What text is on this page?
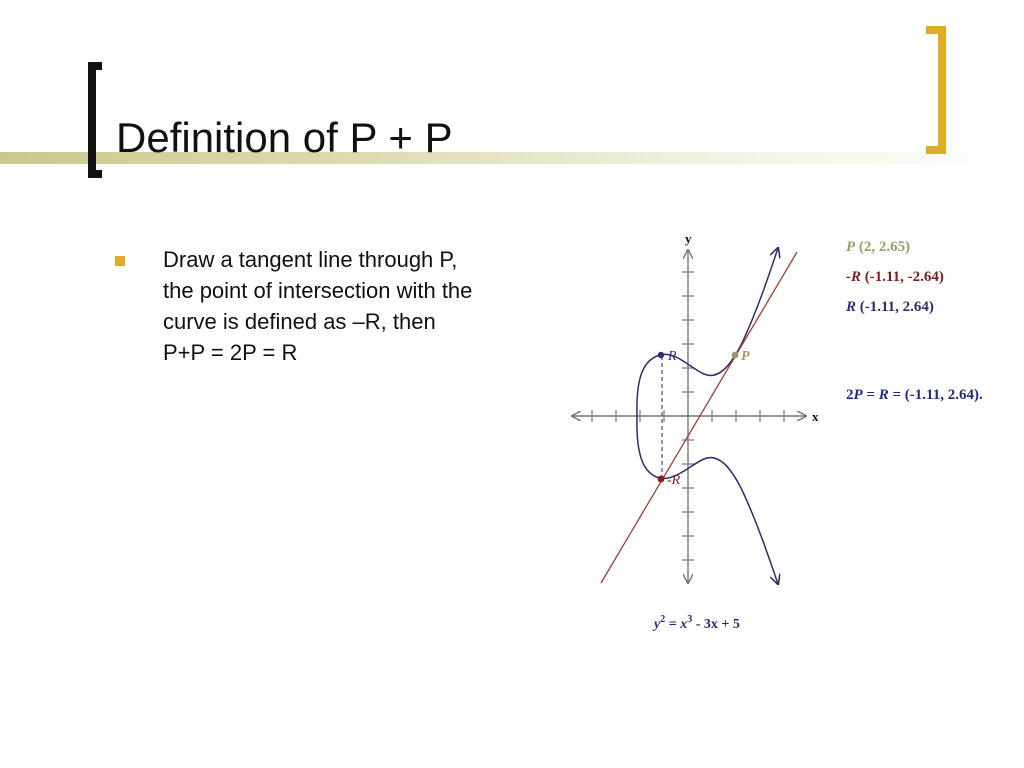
Definition of P + P
Draw a tangent line through P, the point of intersection with the curve is defined as –R, then P+P = 2P = R
x
y
R
-R
P
$y^2 = x^3 - 3x + 5$
P (2, 2.65)
-R (-1.11, -2.64)
R (-1.11, 2.64)
2P = R = (-1.11, 2.64).
